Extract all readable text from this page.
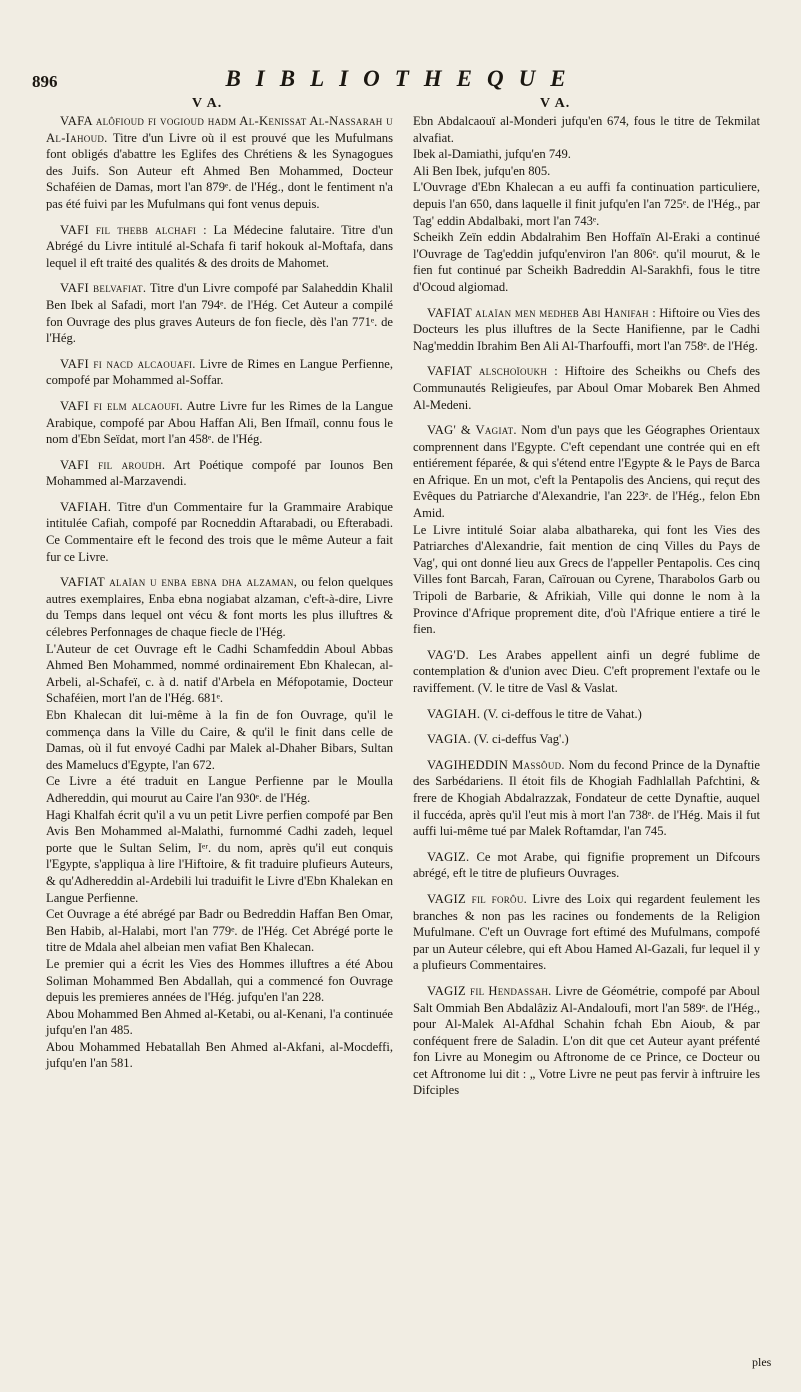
896	BIBLIOTHEQUE
V A.	V A.

VAFA alôfioud fi vogioud hadm Al-Kenissat Al-Nassarah u Al-Iahoud. Titre d'un Livre où il est prouvé que les Mufulmans font obligés d'abattre les Eglifes des Chrétiens & les Synagogues des Juifs. Son Auteur eft Ahmed Ben Mohammed, Docteur Schaféien de Damas, mort l'an 879ᵉ. de l'Hég., dont le fentiment n'a pas été fuivi par les Mufulmans qui font venus depuis.

VAFI fil thebb alchafi : La Médecine falutaire. Titre d'un Abrégé du Livre intitulé al-Schafa fi tarif hokouk al-Moftafa, dans lequel il eft traité des qualités & des droits de Mahomet.

VAFI belvafiat. Titre d'un Livre compofé par Salaheddin Khalil Ben Ibek al Safadi, mort l'an 794ᵉ. de l'Hég. Cet Auteur a compilé fon Ouvrage des plus graves Auteurs de fon fiecle, dès l'an 771ᵉ. de l'Hég.

VAFI fi nacd alcaouafi. Livre de Rimes en Langue Perfienne, compofé par Mohammed al-Soffar.

VAFI fi elm alcaoufi. Autre Livre fur les Rimes de la Langue Arabique, compofé par Abou Haffan Ali, Ben Ifmaïl, connu fous le nom d'Ebn Seïdat, mort l'an 458ᵉ. de l'Hég.

VAFI fil aroudh. Art Poétique compofé par Iounos Ben Mohammed al-Marzavendi.

VAFIAH. Titre d'un Commentaire fur la Grammaire Arabique intitulée Cafiah, compofé par Rocneddin Aftarabadi, ou Efterabadi. Ce Commentaire eft le fecond des trois que le même Auteur a fait fur ce Livre.

VAFIAT alaïan u enba ebna dha alzaman, ou felon quelques autres exemplaires, Enba ebna nogiabat alzaman, c'eft-à-dire, Livre du Temps dans lequel ont vécu & font morts les plus illuftres & célebres Perfonnages de chaque fiecle de l'Hég.

L'Auteur de cet Ouvrage eft le Cadhi Schamfeddin Aboul Abbas Ahmed Ben Mohammed, nommé ordinairement Ebn Khalecan, al-Arbeli, al-Schafeï, c. à d. natif d'Arbela en Méfopotamie, Docteur Schaféien, mort l'an de l'Hég. 681ᵉ.

Ebn Khalecan dit lui-même à la fin de fon Ouvrage, qu'il le commença dans la Ville du Caire, & qu'il le finit dans celle de Damas, où il fut envoyé Cadhi par Malek al-Dhaher Bibars, Sultan des Mamelucs d'Egypte, l'an 672.

Ce Livre a été traduit en Langue Perfienne par le Moulla Adhereddin, qui mourut au Caire l'an 930ᵉ. de l'Hég.

Hagi Khalfah écrit qu'il a vu un petit Livre perfien compofé par Ben Avis Ben Mohammed al-Malathi, furnommé Cadhi zadeh, lequel porte que le Sultan Selim, Iᵉʳ. du nom, après qu'il eut conquis l'Egypte, s'appliqua à lire l'Hiftoire, & fit traduire plufieurs Auteurs, & qu'Adhereddin al-Ardebili lui traduifit le Livre d'Ebn Khalekan en Langue Perfienne.

Cet Ouvrage a été abrégé par Badr ou Bedreddin Haffan Ben Omar, Ben Habib, al-Halabi, mort l'an 779ᵉ. de l'Hég. Cet Abrégé porte le titre de Mdala ahel albeian men vafiat Ben Khalecan.

Le premier qui a écrit les Vies des Hommes illuftres a été Abou Soliman Mohammed Ben Abdallah, qui a commencé fon Ouvrage depuis les premieres années de l'Hég. jufqu'en l'an 228.

Abou Mohammed Ben Ahmed al-Ketabi, ou al-Kenani, l'a continuée jufqu'en l'an 485.

Abou Mohammed Hebatallah Ben Ahmed al-Akfani, al-Mocdeffi, jufqu'en l'an 581.

Ebn Abdalcaouï al-Monderi jufqu'en 674, fous le titre de Tekmilat alvafiat.

Ibek al-Damiathi, jufqu'en 749.

Ali Ben Ibek, jufqu'en 805.

L'Ouvrage d'Ebn Khalecan a eu auffi fa continuation particuliere, depuis l'an 650, dans laquelle il finit jufqu'en l'an 725ᵉ. de l'Hég., par Tag' eddin Abdalbaki, mort l'an 743ᵉ.

Scheikh Zeïn eddin Abdalrahim Ben Hoffaïn Al-Eraki a continué l'Ouvrage de Tag'eddin jufqu'environ l'an 806ᵉ. qu'il mourut, & le fien fut continué par Scheikh Badreddin Al-Sarakhfi, fous le titre d'Ocoud algiomad.

VAFIAT alaïan men medheb Abi Hanifah : Hiftoire ou Vies des Docteurs les plus illuftres de la Secte Hanifienne, par le Cadhi Nag'meddin Ibrahim Ben Ali Al-Tharfouffi, mort l'an 758ᵉ. de l'Hég.

VAFIAT alschoïoukh : Hiftoire des Scheikhs ou Chefs des Communautés Religieufes, par Aboul Omar Mobarek Ben Ahmed Al-Medeni.

VAG' & Vagiat. Nom d'un pays que les Géographes Orientaux comprennent dans l'Egypte. C'eft cependant une contrée qui en eft entiérement féparée, & qui s'étend entre l'Egypte & le Pays de Barca en Afrique. En un mot, c'eft la Pentapolis des Anciens, qui reçut des Evêques du Patriarche d'Alexandrie, l'an 223ᵉ. de l'Hég., felon Ebn Amid.

Le Livre intitulé Soiar alaba albathareka, qui font les Vies des Patriarches d'Alexandrie, fait mention de cinq Villes du Pays de Vag', qui ont donné lieu aux Grecs de l'appeller Pentapolis. Ces cinq Villes font Barcah, Faran, Caïrouan ou Cyrene, Tharabolos Garb ou Tripoli de Barbarie, & Afrikiah, Ville qui donne le nom à la Province d'Afrique proprement dite, d'où l'Afrique entiere a tiré le fien.

VAG'D. Les Arabes appellent ainfi un degré fublime de contemplation & d'union avec Dieu. C'eft proprement l'extafe ou le raviffement. (V. le titre de Vasl & Vaslat.

VAGIAH. (V. ci-deffous le titre de Vahat.)

VAGIA. (V. ci-deffus Vag'.)

VAGIHEDDIN Massôud. Nom du fecond Prince de la Dynaftie des Sarbédariens. Il étoit fils de Khogiah Fadhlallah Pafchtini, & frere de Khogiah Abdalrazzak, Fondateur de cette Dynaftie, auquel il fuccéda, après qu'il l'eut mis à mort l'an 738ᵉ. de l'Hég. Mais il fut auffi lui-même tué par Malek Roftamdar, l'an 745.

VAGIZ. Ce mot Arabe, qui fignifie proprement un Difcours abrégé, eft le titre de plufieurs Ouvrages.

VAGIZ fil forôu. Livre des Loix qui regardent feulement les branches & non pas les racines ou fondements de la Religion Mufulmane. C'eft un Ouvrage fort eftimé des Mufulmans, compofé par un Auteur célebre, qui eft Abou Hamed Al-Gazali, fur lequel il y a plufieurs Commentaires.

VAGIZ fil Hendassah. Livre de Géométrie, compofé par Aboul Salt Ommiah Ben Abdalâziz Al-Andaloufi, mort l'an 589ᵉ. de l'Hég., pour Al-Malek Al-Afdhal Schahin fchah Ebn Aioub, & par conféquent frere de Saladin. L'on dit que cet Auteur ayant préfenté fon Livre au Monegim ou Aftronome de ce Prince, ce Docteur ou cet Aftronome lui dit : „ Votre Livre ne peut pas fervir à inftruire les Difciples

ples
